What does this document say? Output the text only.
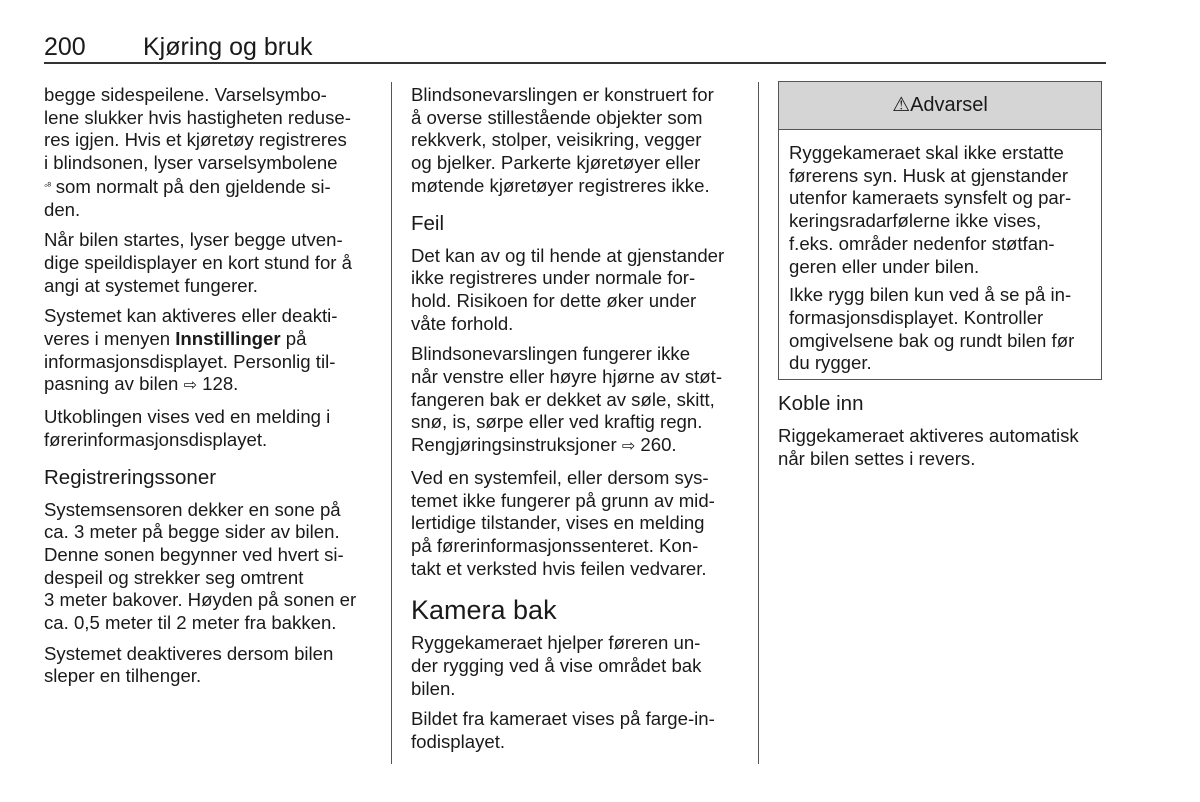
200 Kjøring og bruk

begge sidespeilene. Varselsymbo-
lene slukker hvis hastigheten reduse-
res igjen. Hvis et kjøretøy registreres
i blindsonen, lyser varselsymbolene
$^{◦^8}$ som normalt på den gjeldende si-
den.

Når bilen startes, lyser begge utven-
dige speildisplayer en kort stund for å
angi at systemet fungerer.

Systemet kan aktiveres eller deakti-
veres i menyen Innstillinger på
informasjonsdisplayet. Personlig til-
pasning av bilen ⇨ 128.

Utkoblingen vises ved en melding i
førerinformasjonsdisplayet.

Registreringssoner

Systemsensoren dekker en sone på
ca. 3 meter på begge sider av bilen.
Denne sonen begynner ved hvert si-
despeil og strekker seg omtrent
3 meter bakover. Høyden på sonen er
ca. 0,5 meter til 2 meter fra bakken.

Systemet deaktiveres dersom bilen
sleper en tilhenger.

Blindsonevarslingen er konstruert for
å overse stillestående objekter som
rekkverk, stolper, veisikring, vegger
og bjelker. Parkerte kjøretøyer eller
møtende kjøretøyer registreres ikke.

Feil

Det kan av og til hende at gjenstander
ikke registreres under normale for-
hold. Risikoen for dette øker under
våte forhold.

Blindsonevarslingen fungerer ikke
når venstre eller høyre hjørne av støt-
fangeren bak er dekket av søle, skitt,
snø, is, sørpe eller ved kraftig regn.
Rengjøringsinstruksjoner ⇨ 260.

Ved en systemfeil, eller dersom sys-
temet ikke fungerer på grunn av mid-
lertidige tilstander, vises en melding
på førerinformasjonssenteret. Kon-
takt et verksted hvis feilen vedvarer.

Kamera bak

Ryggekameraet hjelper føreren un-
der rygging ved å vise området bak
bilen.

Bildet fra kameraet vises på farge-in-
fodisplayet.

⚠Advarsel

Ryggekameraet skal ikke erstatte
førerens syn. Husk at gjenstander
utenfor kameraets synsfelt og par-
keringsradarfølerne ikke vises,
f.eks. områder nedenfor støtfan-
geren eller under bilen.

Ikke rygg bilen kun ved å se på in-
formasjonsdisplayet. Kontroller
omgivelsene bak og rundt bilen før
du rygger.

Koble inn

Riggekameraet aktiveres automatisk
når bilen settes i revers.
